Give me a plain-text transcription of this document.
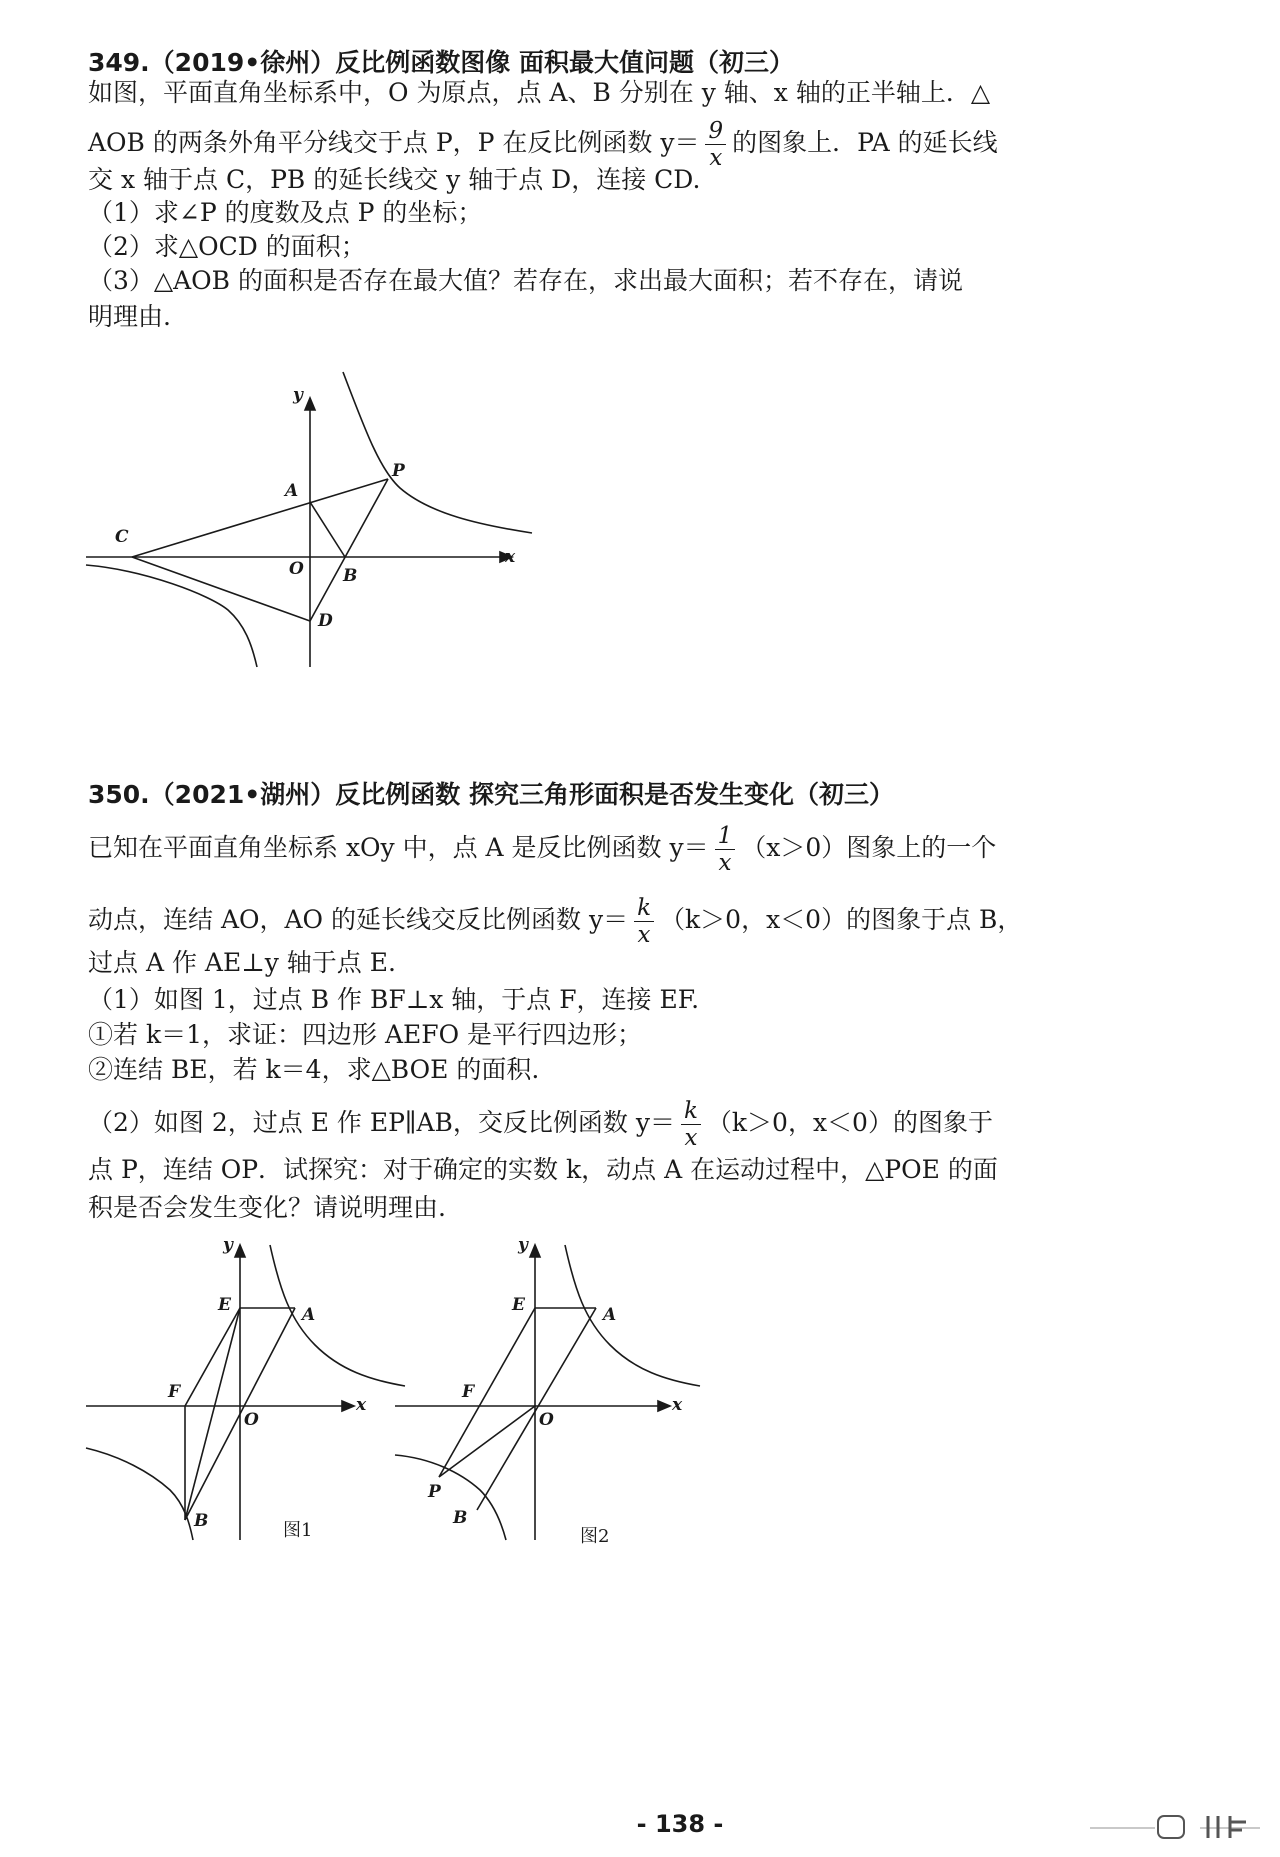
349.（2019•徐州）反比例函数图像 面积最大值问题（初三）
如图，平面直角坐标系中，O 为原点，点 A、B 分别在 y 轴、x 轴的正半轴上．△
AOB 的两条外角平分线交于点 P，P 在反比例函数 $y= \frac{9}{x}$ 的图象上．PA 的延长线
交 x 轴于点 C，PB 的延长线交 y 轴于点 D，连接 CD.
（1）求∠P 的度数及点 P 的坐标；
（2）求△OCD 的面积；
（3）△AOB 的面积是否存在最大值？若存在，求出最大面积；若不存在，请说
明理由.
y
x
A
P
C
O B
D
350.（2021•湖州）反比例函数 探究三角形面积是否发生变化（初三）
已知在平面直角坐标系 xOy 中，点 A 是反比例函数 $y= \frac{1}{x} (x>0)$图象上的一个
动点，连结 AO，AO 的延长线交反比例函数 $y= \frac{k}{x} (k>0$，x＜0）的图象于点 B，
过点 A 作 AE⊥y 轴于点 E.
（1）如图 1，过点 B 作 BF⊥x 轴，于点 F，连接 EF.
①若 k＝1，求证：四边形 AEFO 是平行四边形；
②连结 BE，若 k＝4，求△BOE 的面积.
（2）如图 2，过点 E 作 EP∥AB，交反比例函数 $y= \frac{k}{x} (k>0$，x＜0）的图象于
点 P，连结 OP．试探究：对于确定的实数 k，动点 A 在运动过程中，△POE 的面
积是否会发生变化？请说明理由.
y
x
E	A
F
O
B	图1
y
x
E	A
F
O
P
B
图2
- 138 -
